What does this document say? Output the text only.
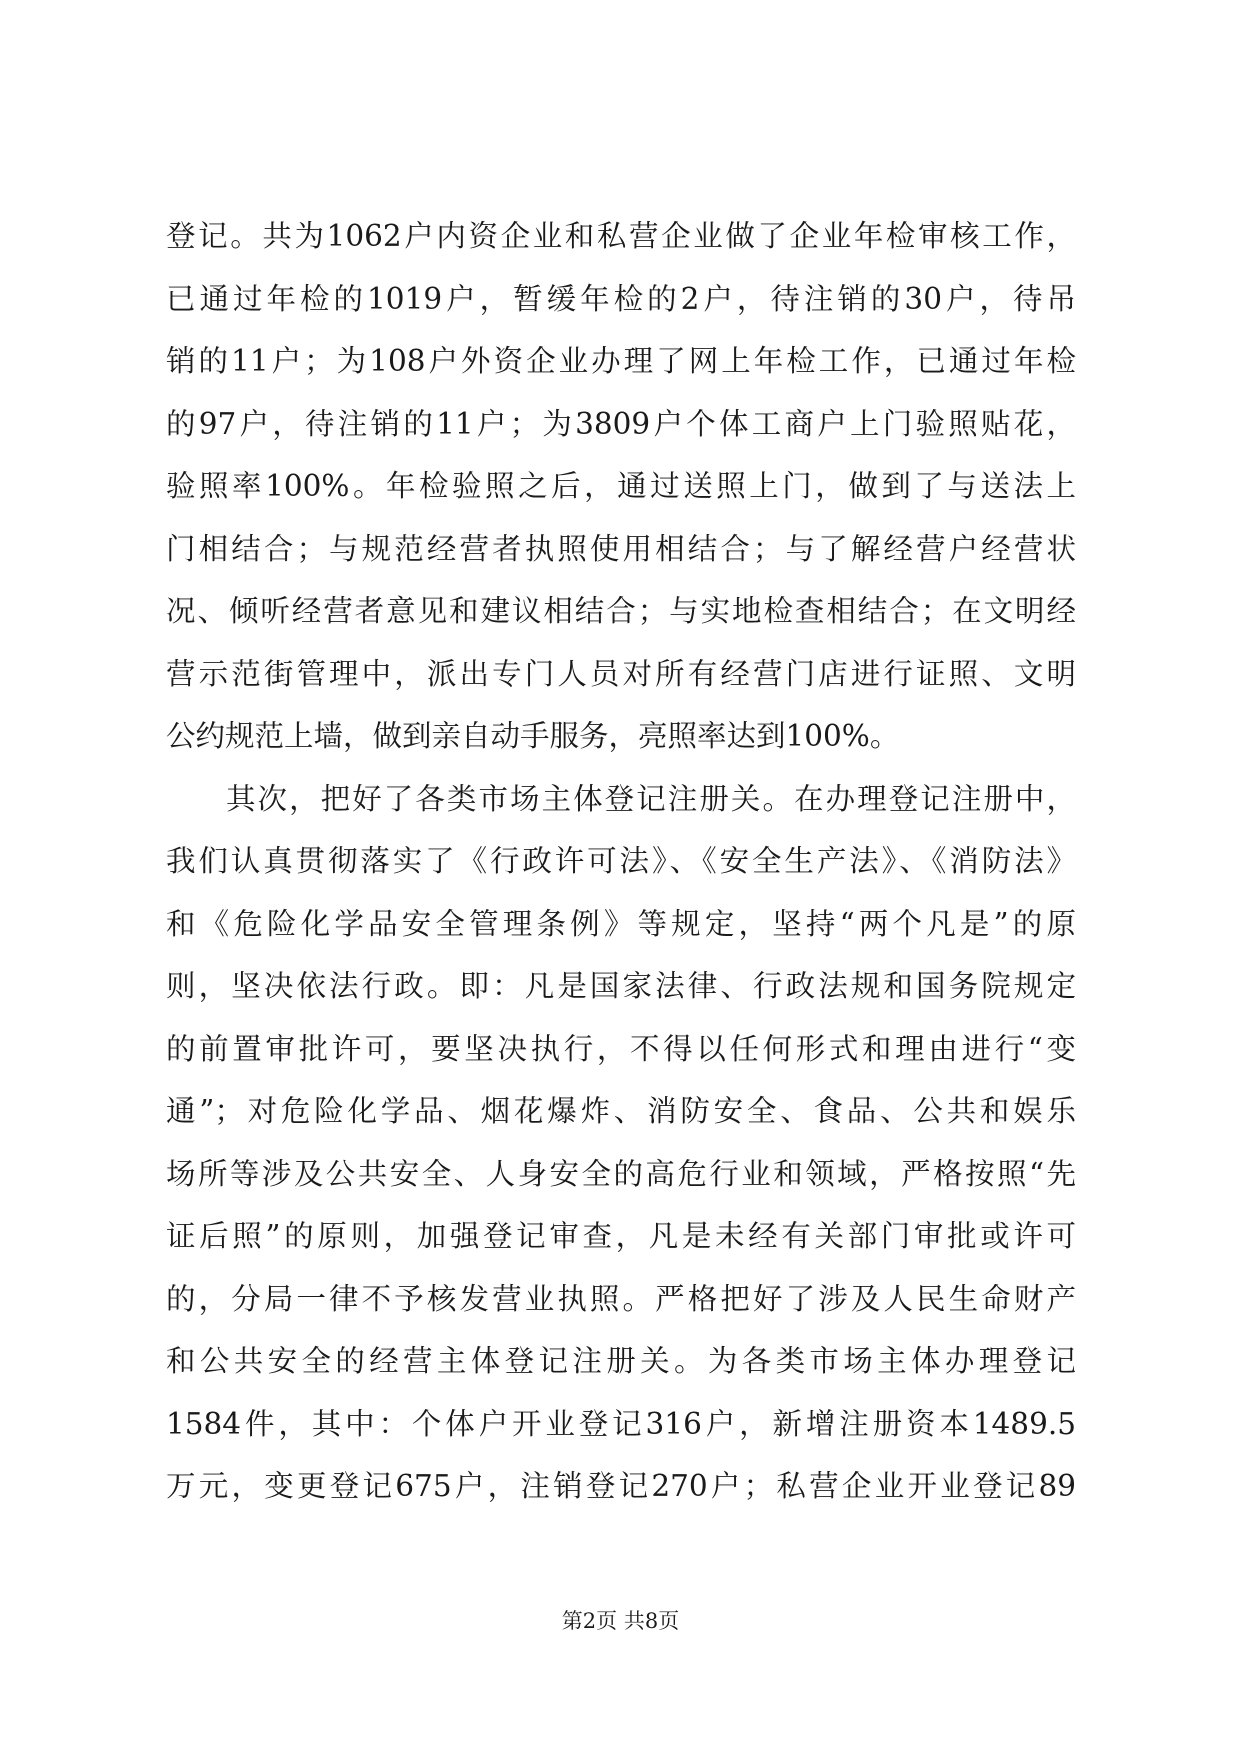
登记。共为1062户内资企业和私营企业做了企业年检审核工作，
已通过年检的1019户，暂缓年检的2户，待注销的30户，待吊
销的11户；为108户外资企业办理了网上年检工作，已通过年检
的97户，待注销的11户；为3809户个体工商户上门验照贴花，
验照率100%。年检验照之后，通过送照上门，做到了与送法上
门相结合；与规范经营者执照使用相结合；与了解经营户经营状
况、倾听经营者意见和建议相结合；与实地检查相结合；在文明经
营示范街管理中，派出专门人员对所有经营门店进行证照、文明
公约规范上墙，做到亲自动手服务，亮照率达到100%。
其次，把好了各类市场主体登记注册关。在办理登记注册中，
我们认真贯彻落实了《行政许可法》、《安全生产法》、《消防法》
和《危险化学品安全管理条例》等规定，坚持“两个凡是”的原
则，坚决依法行政。即：凡是国家法律、行政法规和国务院规定
的前置审批许可，要坚决执行，不得以任何形式和理由进行“变
通”；对危险化学品、烟花爆炸、消防安全、食品、公共和娱乐
场所等涉及公共安全、人身安全的高危行业和领域，严格按照“先
证后照”的原则，加强登记审查，凡是未经有关部门审批或许可
的，分局一律不予核发营业执照。严格把好了涉及人民生命财产
和公共安全的经营主体登记注册关。为各类市场主体办理登记
1584件，其中：个体户开业登记316户，新增注册资本1489.5
万元，变更登记675户，注销登记270户；私营企业开业登记89
第2页 共8页
